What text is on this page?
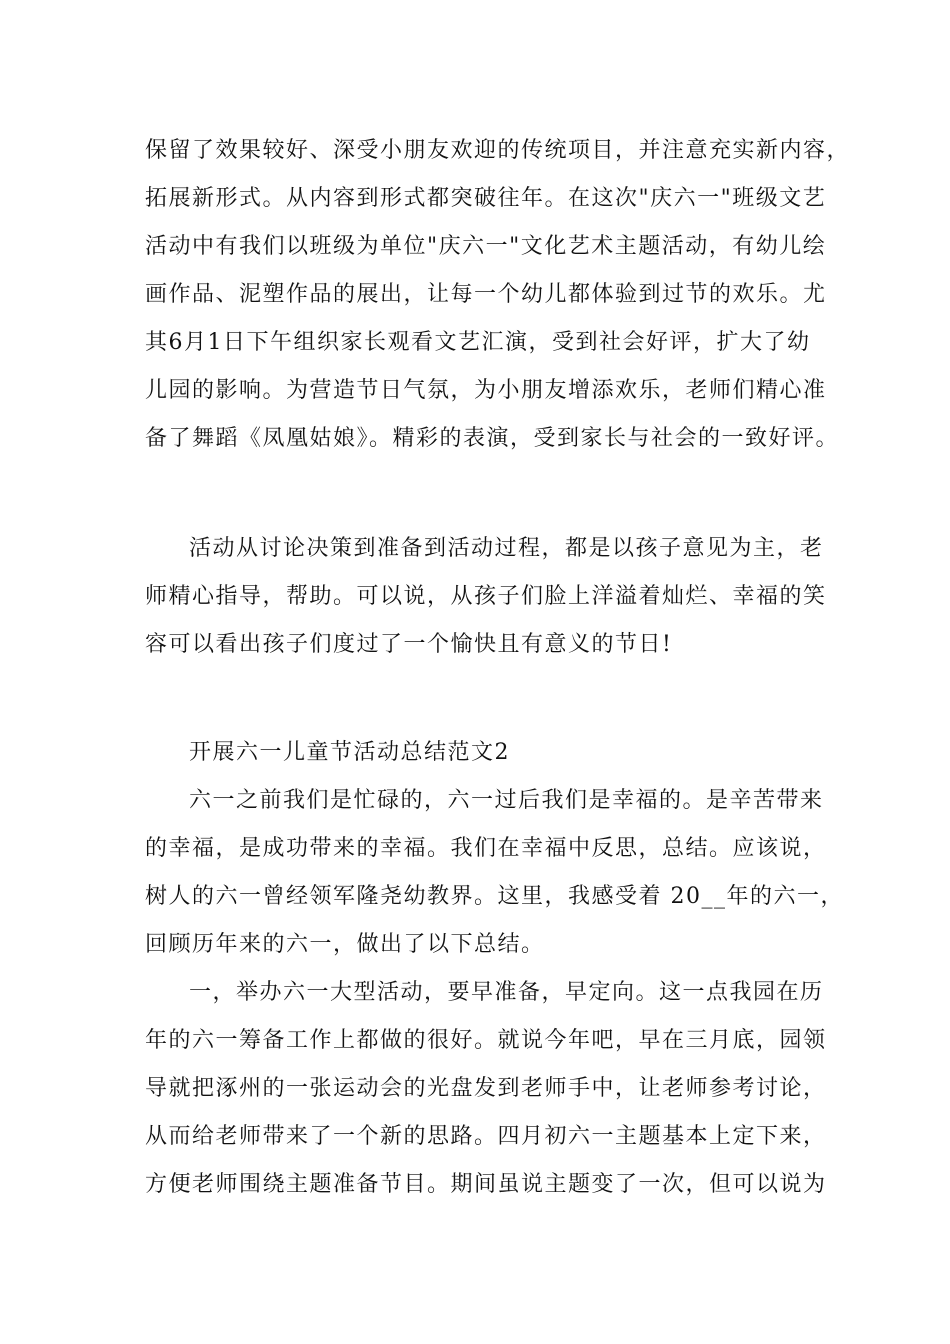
保留了效果较好、深受小朋友欢迎的传统项目，并注意充实新内容，
拓展新形式。从内容到形式都突破往年。在这次"庆六一"班级文艺
活动中有我们以班级为单位"庆六一"文化艺术主题活动，有幼儿绘
画作品、泥塑作品的展出，让每一个幼儿都体验到过节的欢乐。尤
其6月1日下午组织家长观看文艺汇演，受到社会好评，扩大了幼
儿园的影响。为营造节日气氛，为小朋友增添欢乐，老师们精心准
备了舞蹈《凤凰姑娘》。精彩的表演，受到家长与社会的一致好评。
活动从讨论决策到准备到活动过程，都是以孩子意见为主，老
师精心指导，帮助。可以说，从孩子们脸上洋溢着灿烂、幸福的笑
容可以看出孩子们度过了一个愉快且有意义的节日!
开展六一儿童节活动总结范文2
六一之前我们是忙碌的，六一过后我们是幸福的。是辛苦带来
的幸福，是成功带来的幸福。我们在幸福中反思，总结。应该说，
树人的六一曾经领军隆尧幼教界。这里，我感受着 20__年的六一，
回顾历年来的六一，做出了以下总结。
一，举办六一大型活动，要早准备，早定向。这一点我园在历
年的六一筹备工作上都做的很好。就说今年吧，早在三月底，园领
导就把涿州的一张运动会的光盘发到老师手中，让老师参考讨论，
从而给老师带来了一个新的思路。四月初六一主题基本上定下来，
方便老师围绕主题准备节目。期间虽说主题变了一次，但可以说为
